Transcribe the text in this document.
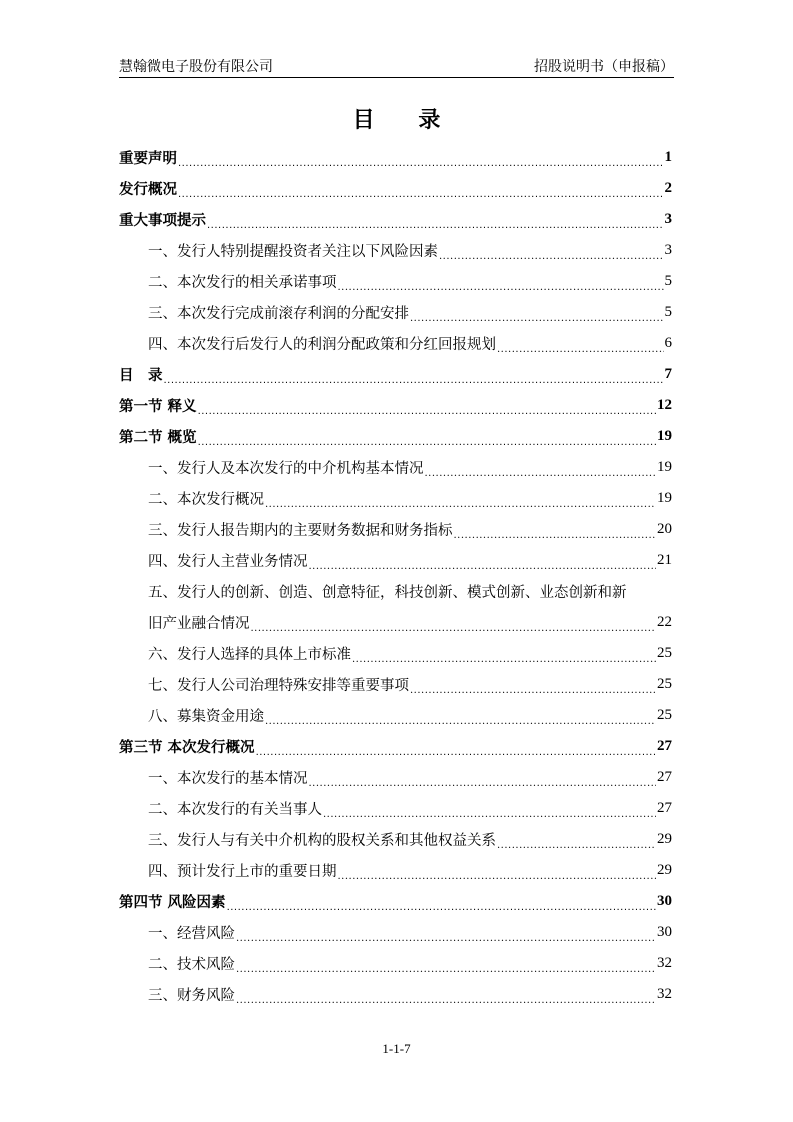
慧翰微电子股份有限公司	招股说明书（申报稿）
目 录
重要声明 .....	1
发行概况 .....	2
重大事项提示 .....	3
一、发行人特别提醒投资者关注以下风险因素 .....	3
二、本次发行的相关承诺事项 .....	5
三、本次发行完成前滚存利润的分配安排 .....	5
四、本次发行后发行人的利润分配政策和分红回报规划 .....	6
目　录 .....	7
第一节 释义 .....	12
第二节 概览 .....	19
一、发行人及本次发行的中介机构基本情况 .....	19
二、本次发行概况 .....	19
三、发行人报告期内的主要财务数据和财务指标 .....	20
四、发行人主营业务情况 .....	21
五、发行人的创新、创造、创意特征，科技创新、模式创新、业态创新和新
旧产业融合情况 .....	22
六、发行人选择的具体上市标准 .....	25
七、发行人公司治理特殊安排等重要事项 .....	25
八、募集资金用途 .....	25
第三节 本次发行概况 .....	27
一、本次发行的基本情况 .....	27
二、本次发行的有关当事人 .....	27
三、发行人与有关中介机构的股权关系和其他权益关系 .....	29
四、预计发行上市的重要日期 .....	29
第四节 风险因素 .....	30
一、经营风险 .....	30
二、技术风险 .....	32
三、财务风险 .....	32
1-1-7
